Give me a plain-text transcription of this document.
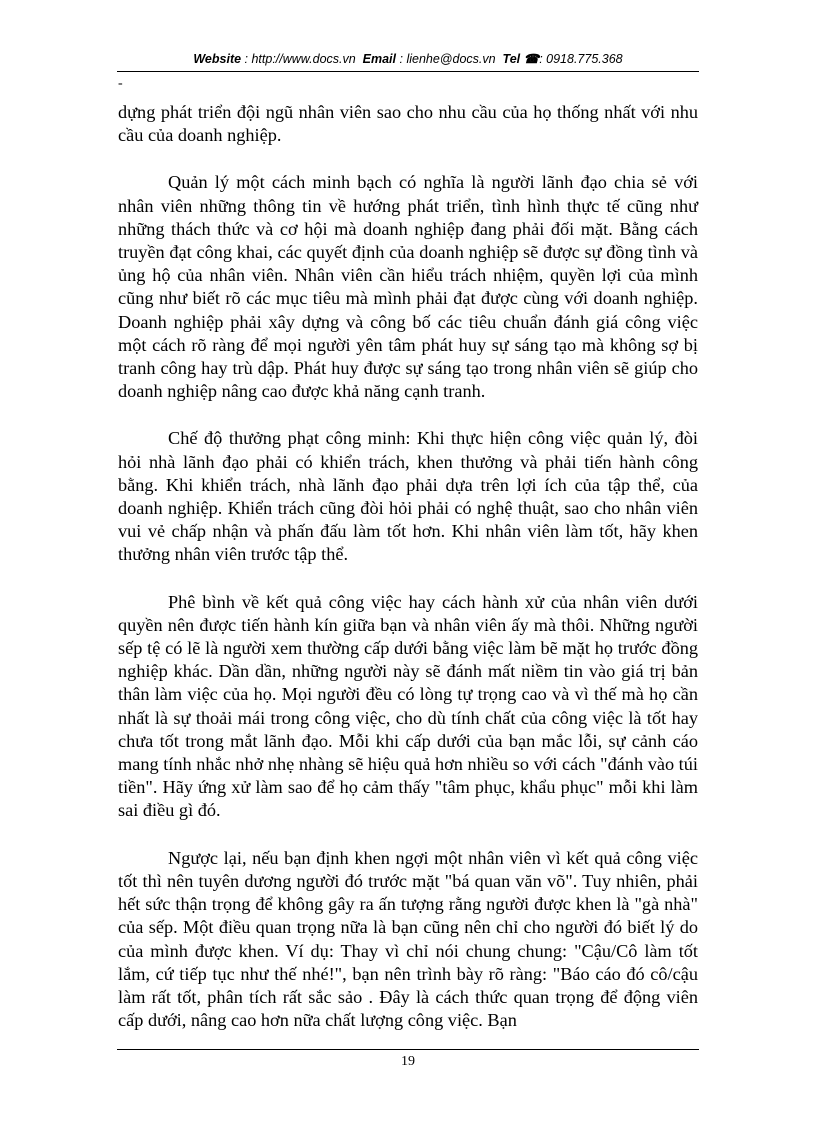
Website : http://www.docs.vn Email : lienhe@docs.vn Tel ☎: 0918.775.368
-

dựng phát triển đội ngũ nhân viên sao cho nhu cầu của họ thống nhất với nhu cầu của doanh nghiệp.

Quản lý một cách minh bạch có nghĩa là người lãnh đạo chia sẻ với nhân viên những thông tin về hướng phát triển, tình hình thực tế cũng như những thách thức và cơ hội mà doanh nghiệp đang phải đối mặt. Bằng cách truyền đạt công khai, các quyết định của doanh nghiệp sẽ được sự đồng tình và ủng hộ của nhân viên. Nhân viên cần hiểu trách nhiệm, quyền lợi của mình cũng như biết rõ các mục tiêu mà mình phải đạt được cùng với doanh nghiệp. Doanh nghiệp phải xây dựng và công bố các tiêu chuẩn đánh giá công việc một cách rõ ràng để mọi người yên tâm phát huy sự sáng tạo mà không sợ bị tranh công hay trù dập. Phát huy được sự sáng tạo trong nhân viên sẽ giúp cho doanh nghiệp nâng cao được khả năng cạnh tranh.

Chế độ thưởng phạt công minh: Khi thực hiện công việc quản lý, đòi hỏi nhà lãnh đạo phải có khiển trách, khen thưởng và phải tiến hành công bằng. Khi khiển trách, nhà lãnh đạo phải dựa trên lợi ích của tập thể, của doanh nghiệp. Khiển trách cũng đòi hỏi phải có nghệ thuật, sao cho nhân viên vui vẻ chấp nhận và phấn đấu làm tốt hơn. Khi nhân viên làm tốt, hãy khen thưởng nhân viên trước tập thể.

Phê bình về kết quả công việc hay cách hành xử của nhân viên dưới quyền nên được tiến hành kín giữa bạn và nhân viên ấy mà thôi. Những người sếp tệ có lẽ là người xem thường cấp dưới bằng việc làm bẽ mặt họ trước đồng nghiệp khác. Dần dần, những người này sẽ đánh mất niềm tin vào giá trị bản thân làm việc của họ. Mọi người đều có lòng tự trọng cao và vì thế mà họ cần nhất là sự thoải mái trong công việc, cho dù tính chất của công việc là tốt hay chưa tốt trong mắt lãnh đạo. Mỗi khi cấp dưới của bạn mắc lỗi, sự cảnh cáo mang tính nhắc nhở nhẹ nhàng sẽ hiệu quả hơn nhiều so với cách "đánh vào túi tiền". Hãy ứng xử làm sao để họ cảm thấy "tâm phục, khẩu phục" mỗi khi làm sai điều gì đó.

Ngược lại, nếu bạn định khen ngợi một nhân viên vì kết quả công việc tốt thì nên tuyên dương người đó trước mặt "bá quan văn võ". Tuy nhiên, phải hết sức thận trọng để không gây ra ấn tượng rằng người được khen là "gà nhà" của sếp. Một điều quan trọng nữa là bạn cũng nên chỉ cho người đó biết lý do của mình được khen. Ví dụ: Thay vì chỉ nói chung chung: "Cậu/Cô làm tốt lắm, cứ tiếp tục như thế nhé!", bạn nên trình bày rõ ràng: "Báo cáo đó cô/cậu làm rất tốt, phân tích rất sắc sảo . Đây là cách thức quan trọng để động viên cấp dưới, nâng cao hơn nữa chất lượng công việc. Bạn

19
